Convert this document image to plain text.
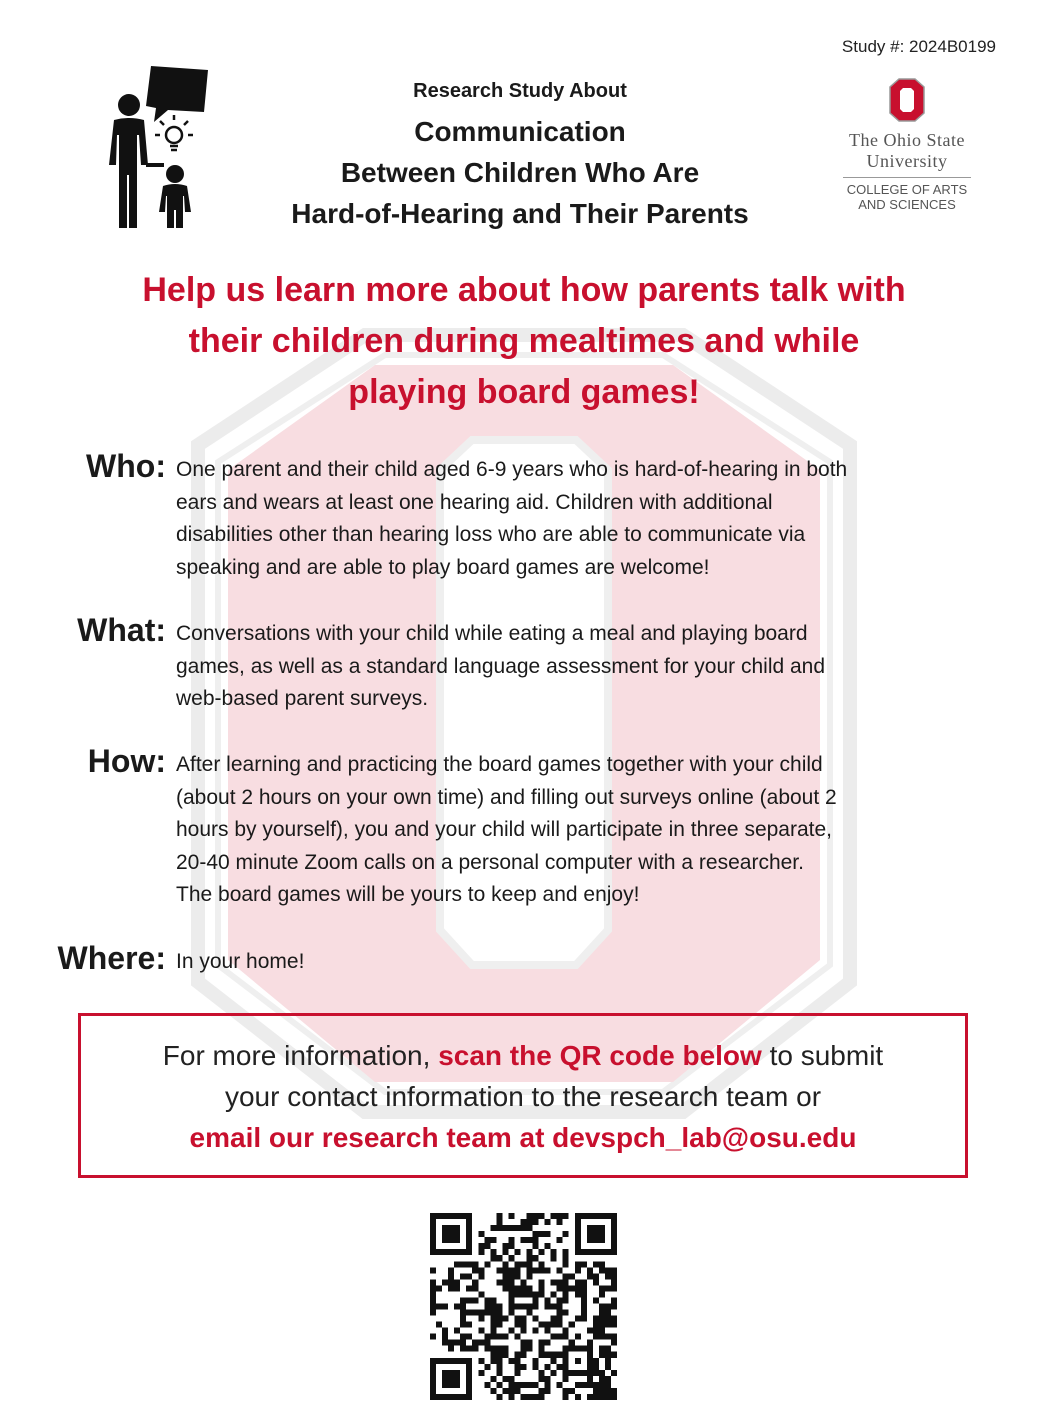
Study #: 2024B0199
Research Study About
Communication
Between Children Who Are
Hard-of-Hearing and Their Parents
The Ohio State
University
COLLEGE OF ARTS
AND SCIENCES
Help us learn more about how parents talk with
their children during mealtimes and while
playing board games!
Who: One parent and their child aged 6-9 years who is hard-of-hearing in both
ears and wears at least one hearing aid. Children with additional
disabilities other than hearing loss who are able to communicate via
speaking and are able to play board games are welcome!
What: Conversations with your child while eating a meal and playing board
games, as well as a standard language assessment for your child and
web-based parent surveys.
How: After learning and practicing the board games together with your child
(about 2 hours on your own time) and filling out surveys online (about 2
hours by yourself), you and your child will participate in three separate,
20-40 minute Zoom calls on a personal computer with a researcher.
The board games will be yours to keep and enjoy!
Where: In your home!
For more information, scan the QR code below to submit
your contact information to the research team or
email our research team at devspch_lab@osu.edu
